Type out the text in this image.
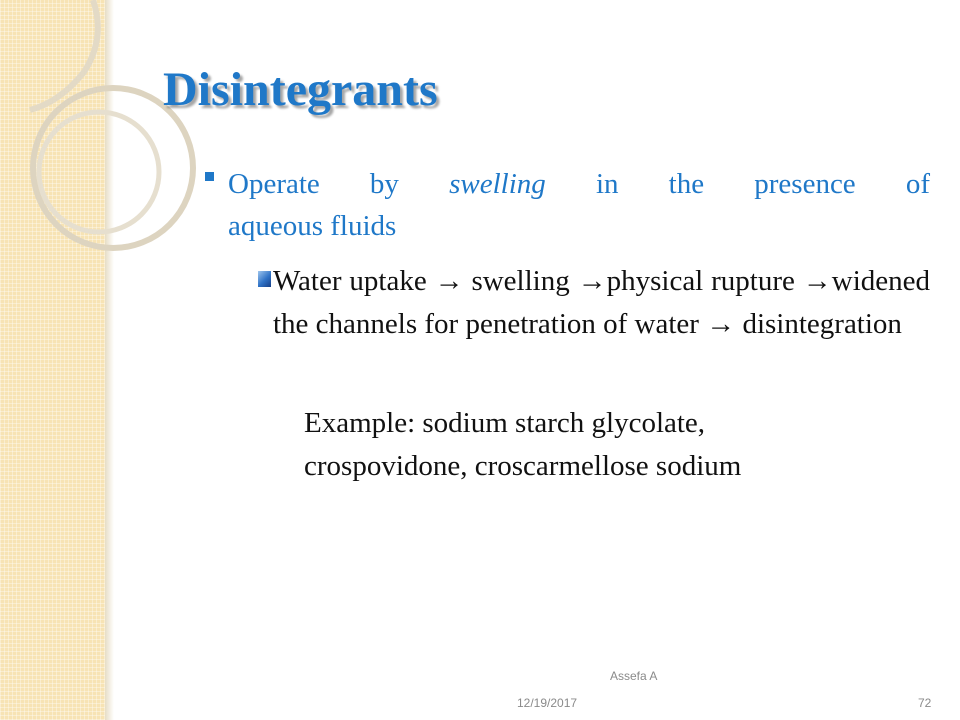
Disintegrants
Operate by swelling in the presence of
aqueous fluids
Water uptake → swelling →physical rupture →widened the channels for penetration of water → disintegration
Example: sodium starch glycolate,
crospovidone, croscarmellose sodium
Assefa A
12/19/2017	72
